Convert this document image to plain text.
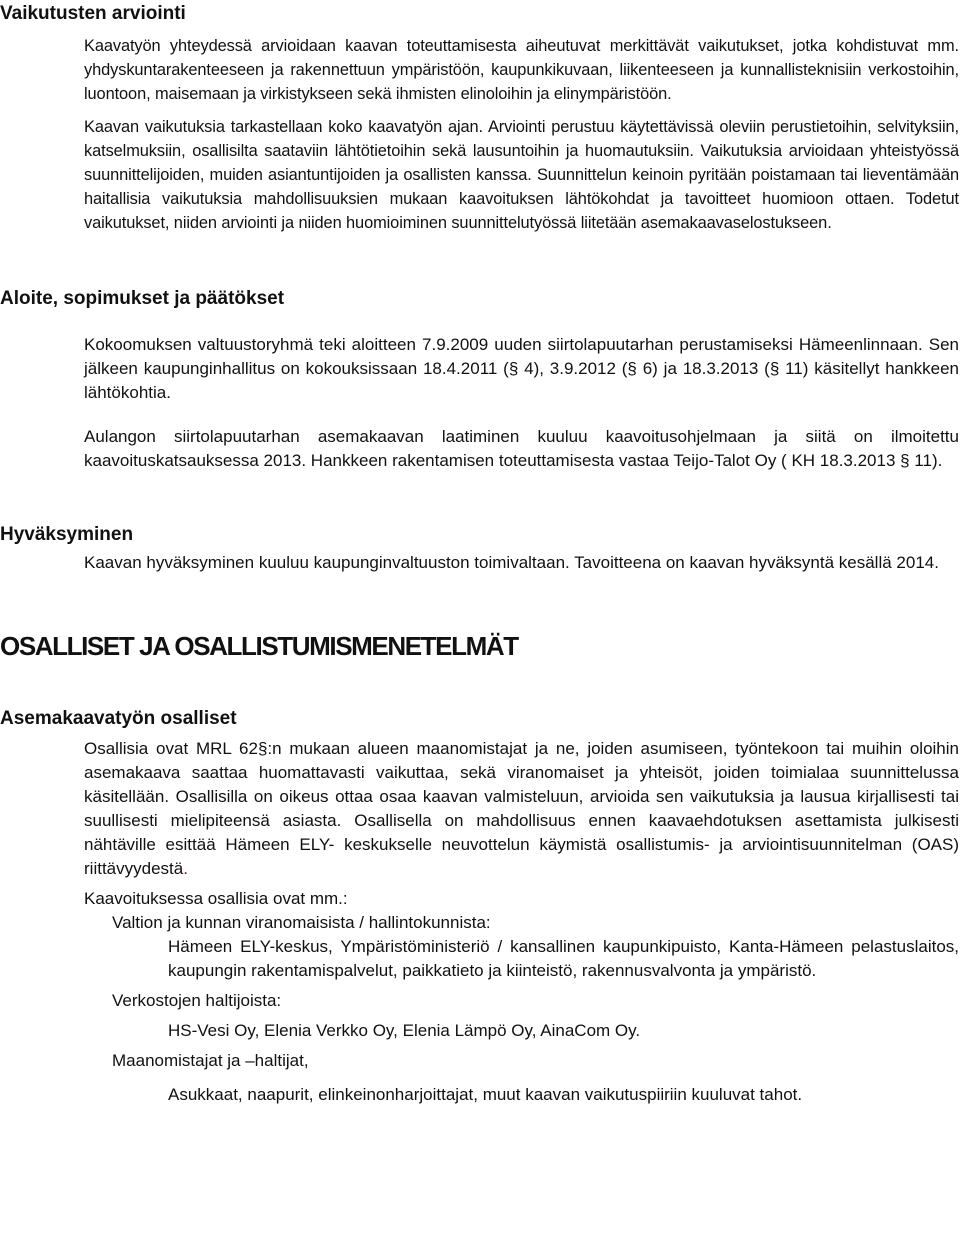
Vaikutusten arviointi

Kaavatyön yhteydessä arvioidaan kaavan toteuttamisesta aiheutuvat merkittävät vaikutukset, jotka kohdistuvat mm. yhdyskuntarakenteeseen ja rakennettuun ympäristöön, kaupunkikuvaan, liikenteeseen ja kunnallisteknisiin verkostoihin, luontoon, maisemaan ja virkistykseen sekä ihmisten elinoloihin ja elinympäristöön.

Kaavan vaikutuksia tarkastellaan koko kaavatyön ajan. Arviointi perustuu käytettävissä oleviin perustietoihin, selvityksiin, katselmuksiin, osallisilta saataviin lähtötietoihin sekä lausuntoihin ja huomautuksiin. Vaikutuksia arvioidaan yhteistyössä suunnittelijoiden, muiden asiantuntijoiden ja osallisten kanssa. Suunnittelun keinoin pyritään poistamaan tai lieventämään haitallisia vaikutuksia mahdollisuuksien mukaan kaavoituksen lähtökohdat ja tavoitteet huomioon ottaen. Todetut vaikutukset, niiden arviointi ja niiden huomioiminen suunnittelutyössä liitetään asemakaavaselostukseen.

Aloite, sopimukset ja päätökset

Kokoomuksen valtuustoryhmä teki aloitteen 7.9.2009 uuden siirtolapuutarhan perustamiseksi Hämeenlinnaan. Sen jälkeen kaupunginhallitus on kokouksissaan 18.4.2011 (§ 4), 3.9.2012 (§ 6) ja 18.3.2013 (§ 11) käsitellyt hankkeen lähtökohtia.

Aulangon siirtolapuutarhan asemakaavan laatiminen kuuluu kaavoitusohjelmaan ja siitä on ilmoitettu kaavoituskatsauksessa 2013. Hankkeen rakentamisen toteuttamisesta vastaa Teijo-Talot Oy ( KH 18.3.2013 § 11).

Hyväksyminen

Kaavan hyväksyminen kuuluu kaupunginvaltuuston toimivaltaan. Tavoitteena on kaavan hyväksyntä kesällä 2014.

OSALLISET JA OSALLISTUMISMENETELMÄT
Asemakaavatyön osalliset

Osallisia ovat MRL 62§:n mukaan alueen maanomistajat ja ne, joiden asumiseen, työntekoon tai muihin oloihin asemakaava saattaa huomattavasti vaikuttaa, sekä viranomaiset ja yhteisöt, joiden toimialaa suunnittelussa käsitellään. Osallisilla on oikeus ottaa osaa kaavan valmisteluun, arvioida sen vaikutuksia ja lausua kirjallisesti tai suullisesti mielipiteensä asiasta. Osallisella on mahdollisuus ennen kaavaehdotuksen asettamista julkisesti nähtäville esittää Hämeen ELY- keskukselle neuvottelun käymistä osallistumis- ja arviointisuunnitelman (OAS) riittävyydestä.

Kaavoituksessa osallisia ovat mm.:

Valtion ja kunnan viranomaisista / hallintokunnista:

Hämeen ELY-keskus, Ympäristöministeriö / kansallinen kaupunkipuisto, Kanta-Hämeen pelastuslaitos, kaupungin rakentamispalvelut, paikkatieto ja kiinteistö, rakennusvalvonta ja ympäristö.

Verkostojen haltijoista:

HS-Vesi Oy, Elenia Verkko Oy, Elenia Lämpö Oy, AinaCom Oy.

Maanomistajat ja –haltijat,

Asukkaat, naapurit, elinkeinonharjoittajat, muut kaavan vaikutuspiiriin kuuluvat tahot.
